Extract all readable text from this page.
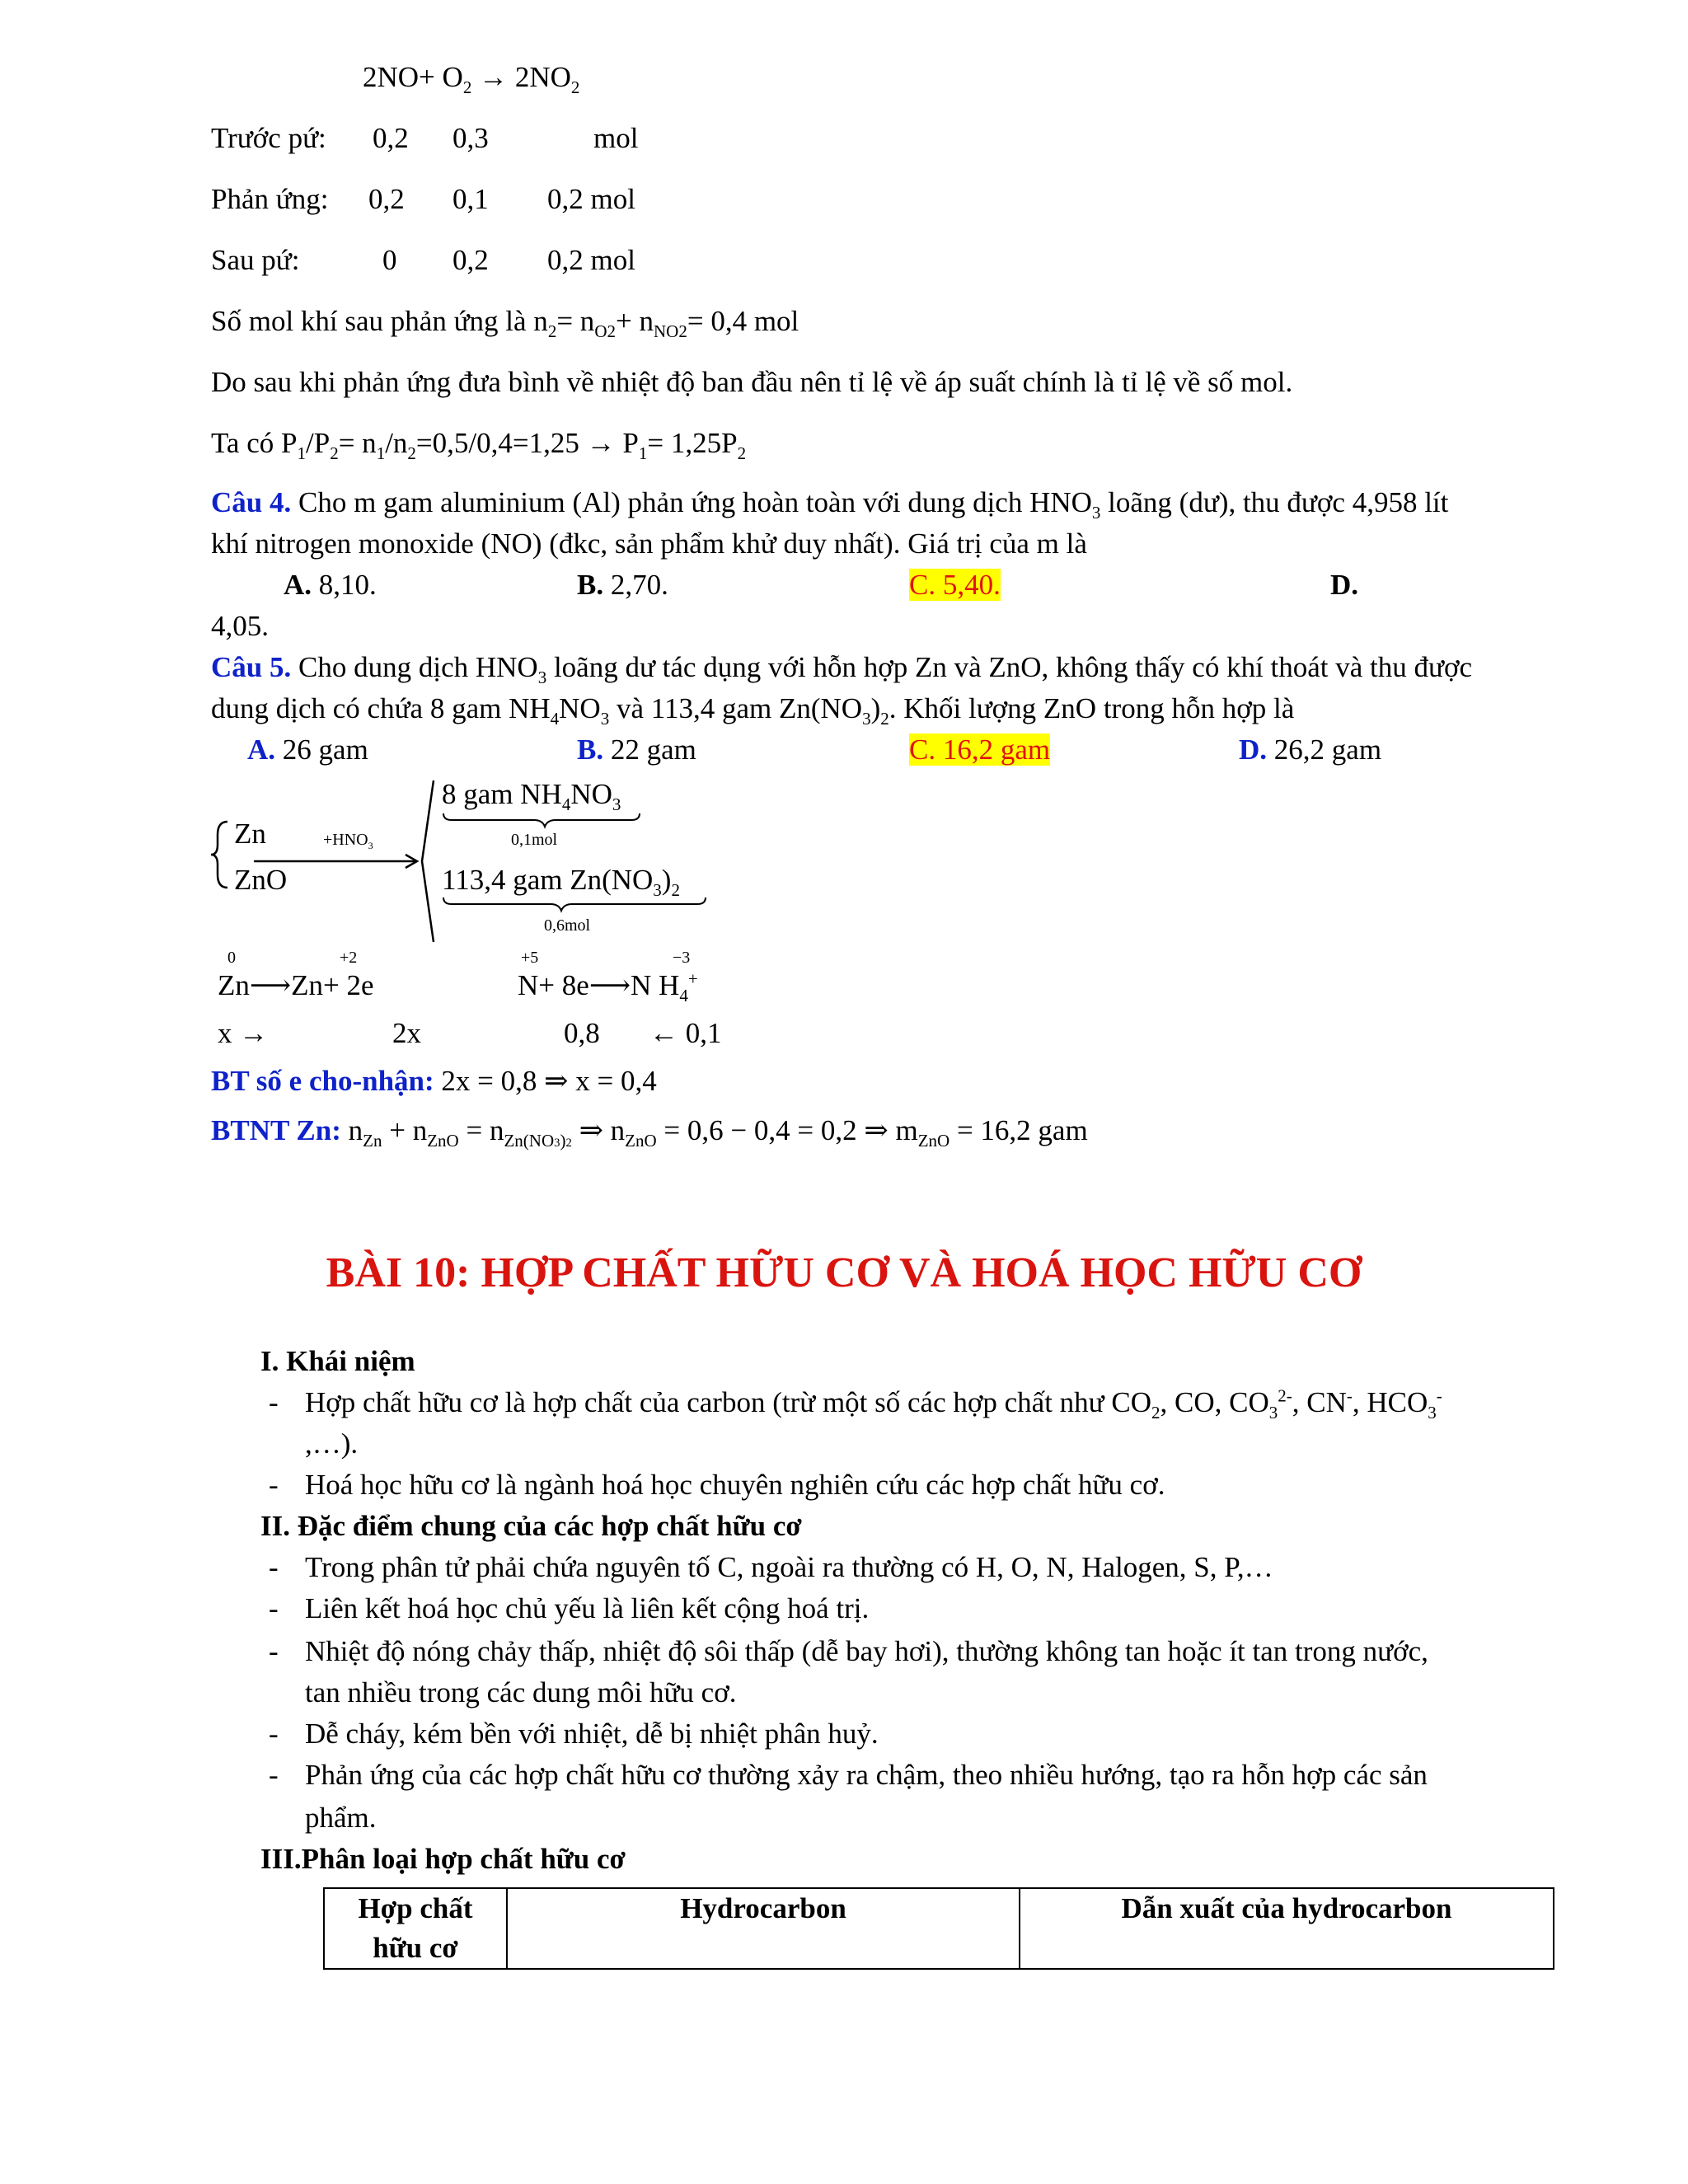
$2NO+ O_2 \to 2NO_2$
Trước pứ: 0,2 0,3	mol
Phản ứng: 0,2 0,1 0,2 mol
Sau pứ:	0 0,2 0,2 mol
Số mol khí sau phản ứng là $n_2= n_{O2}+ n_{NO2}= 0,4$ mol
Do sau khi phản ứng đưa bình về nhiệt độ ban đầu nên tỉ lệ về áp suất chính là tỉ lệ về số mol.
Ta có $P_1/P_2= n_1/n_2=0,5/0,4=1,25 \to P_1= 1,25P_2$
Câu 4. Cho m gam aluminium (Al) phản ứng hoàn toàn với dung dịch $HNO_3$ loãng (dư), thu được 4,958 lít
khí nitrogen monoxide (NO) (đkc, sản phẩm khử duy nhất). Giá trị của m là
A. 8,10.	B. 2,70.	C. 5,40.	D.
4,05.
Câu 5. Cho dung dịch $HNO_3$ loãng dư tác dụng với hỗn hợp Zn và ZnO, không thấy có khí thoát và thu được
dung dịch có chứa 8 gam $NH_4NO_3$ và 113,4 gam $Zn(NO_3)_2$. Khối lượng ZnO trong hỗn hợp là
A. 26 gam	B. 22 gam	C. 16,2 gam	D. 26,2 gam
Zn
ZnO
$+HNO_3$
8 gam $NH_4NO_3$
0,1mol
113,4 gam $Zn(NO_3)_2$
0,6mol
0	+2	+5	−3
Zn⟶Zn+ 2e	N+ 8e⟶N $H_4^+$
x →	2x	0,8 ← 0,1
BT số e cho-nhận: 2x = 0,8 ⇒ x = 0,4
BTNT Zn: $n_{Zn} + n_{ZnO} = n_{Zn(NO3)2}$ ⇒ $n_{ZnO} = 0,6 - 0,4 = 0,2$ ⇒ $m_{ZnO} = 16,2$ gam
BÀI 10: HỢP CHẤT HỮU CƠ VÀ HOÁ HỌC HỮU CƠ
I. Khái niệm
- Hợp chất hữu cơ là hợp chất của carbon (trừ một số các hợp chất như $CO_2$, CO, $CO_3^{2-}$, CN-, $HCO_3^-$
,…).
- Hoá học hữu cơ là ngành hoá học chuyên nghiên cứu các hợp chất hữu cơ.
II. Đặc điểm chung của các hợp chất hữu cơ
- Trong phân tử phải chứa nguyên tố C, ngoài ra thường có H, O, N, Halogen, S, P,…
- Liên kết hoá học chủ yếu là liên kết cộng hoá trị.
- Nhiệt độ nóng chảy thấp, nhiệt độ sôi thấp (dễ bay hơi), thường không tan hoặc ít tan trong nước,
tan nhiều trong các dung môi hữu cơ.
- Dễ cháy, kém bền với nhiệt, dễ bị nhiệt phân huỷ.
- Phản ứng của các hợp chất hữu cơ thường xảy ra chậm, theo nhiều hướng, tạo ra hỗn hợp các sản
phẩm.
III.Phân loại hợp chất hữu cơ
Hợp chất
hữu cơ
	Hydrocarbon	Dẫn xuất của hydrocarbon
